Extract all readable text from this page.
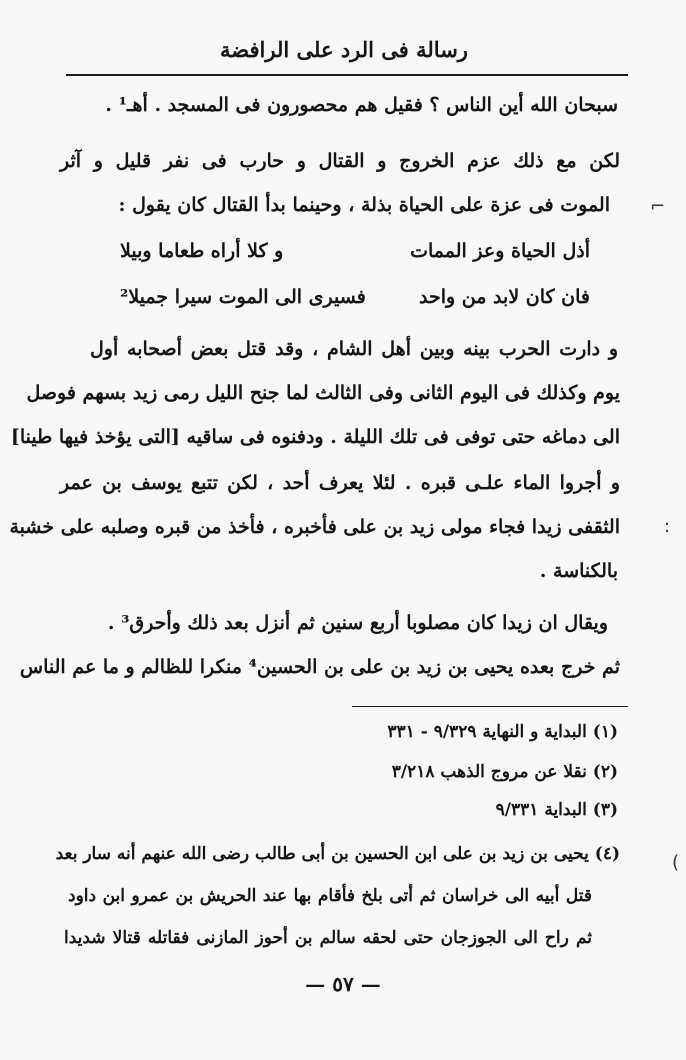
رسالة فى الرد على الرافضة
سبحان الله أين الناس ؟ فقيل هم محصورون فى المسجد . أهـ¹ .
لكن مع ذلك عزم الخروج و القتال و حارب فى نفر قليل و آثر
الموت فى عزة على الحياة بذلة ، وحينما بدأ القتال كان يقول :
أذل الحياة وعز الممات
و كلا أراه طعاما وبيلا
فان كان لابد من واحد
فسيرى الى الموت سيرا جميلا²
و دارت الحرب بينه وبين أهل الشام ، وقد قتل بعض أصحابه أول
يوم وكذلك فى اليوم الثانى وفى الثالث لما جنح الليل رمى زيد بسهم فوصل
الى دماغه حتى توفى فى تلك الليلة . ودفنوه فى ساقيه [التى يؤخذ فيها طينا]
و أجروا الماء علـى قبره . لئلا يعرف أحد ، لكن تتبع يوسف بن عمر
الثقفى زيدا فجاء مولى زيد بن على فأخبره ، فأخذ من قبره وصلبه على خشبة
بالكناسة .
ويقال ان زيدا كان مصلوبا أربع سنين ثم أنزل بعد ذلك وأحرق³ .
ثم خرج بعده يحيى بن زيد بن على بن الحسين⁴ منكرا للظالم و ما عم الناس
(١) البداية و النهاية ٩/٣٢٩ - ٣٣١
(٢) نقلا عن مروج الذهب ٣/٢١٨
(٣) البداية ٩/٣٣١
(٤) يحيى بن زيد بن على ابن الحسين بن أبى طالب رضى الله عنهم أنه سار بعد
قتل أبيه الى خراسان ثم أتى بلخ فأقام بها عند الحريش بن عمرو ابن داود
ثم راح الى الجوزجان حتى لحقه سالم بن أحوز المازنى فقاتله قتالا شديدا
— ٥٧ —
⌐
:
(
